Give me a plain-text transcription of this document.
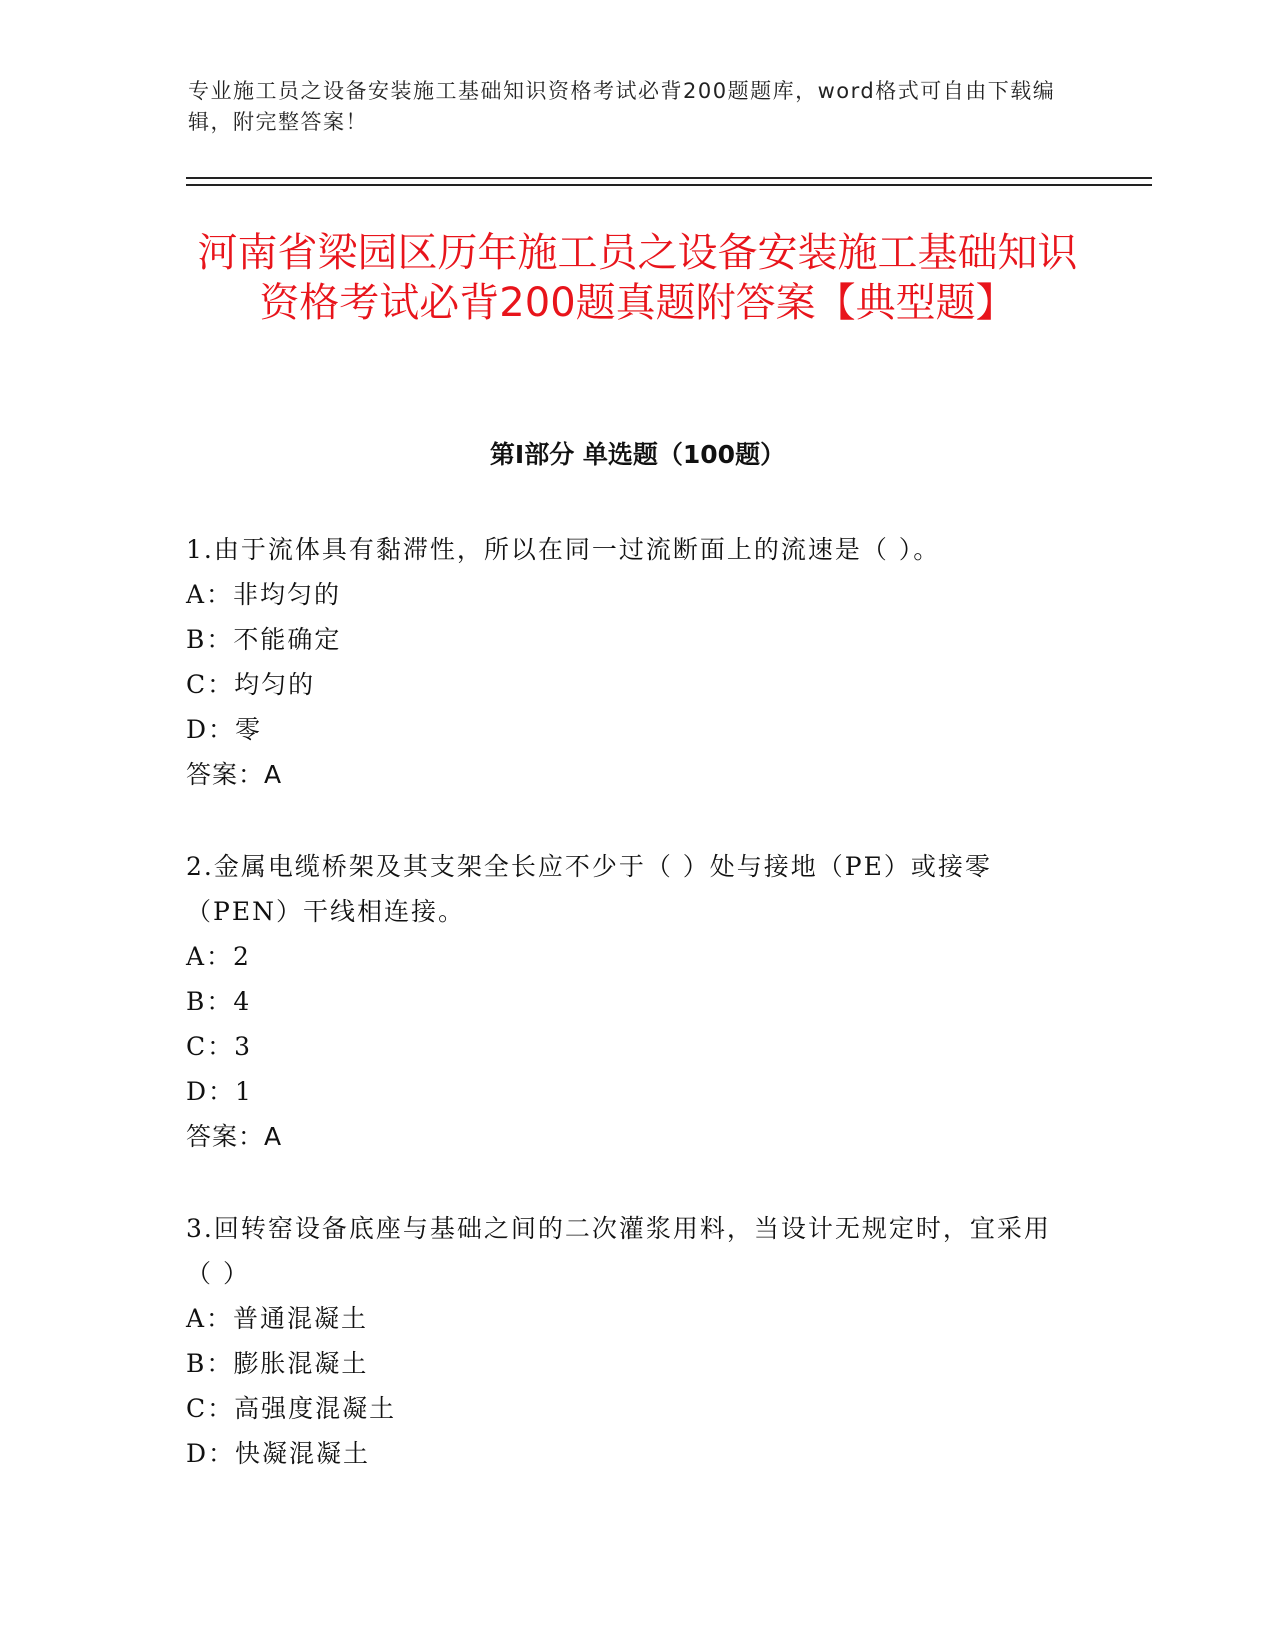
专业施工员之设备安装施工基础知识资格考试必背200题题库，word格式可自由下载编辑，附完整答案！
河南省梁园区历年施工员之设备安装施工基础知识资格考试必背200题真题附答案【典型题】
第Ⅰ部分 单选题（100题）
1.由于流体具有黏滞性，所以在同一过流断面上的流速是（ ）。
A：非均匀的
B：不能确定
C：均匀的
D：零
答案：A
2.金属电缆桥架及其支架全长应不少于（ ）处与接地（PE）或接零（PEN）干线相连接。
A：2
B：4
C：3
D：1
答案：A
3.回转窑设备底座与基础之间的二次灌浆用料，当设计无规定时，宜采用（ ）
A：普通混凝土
B：膨胀混凝土
C：高强度混凝土
D：快凝混凝土
